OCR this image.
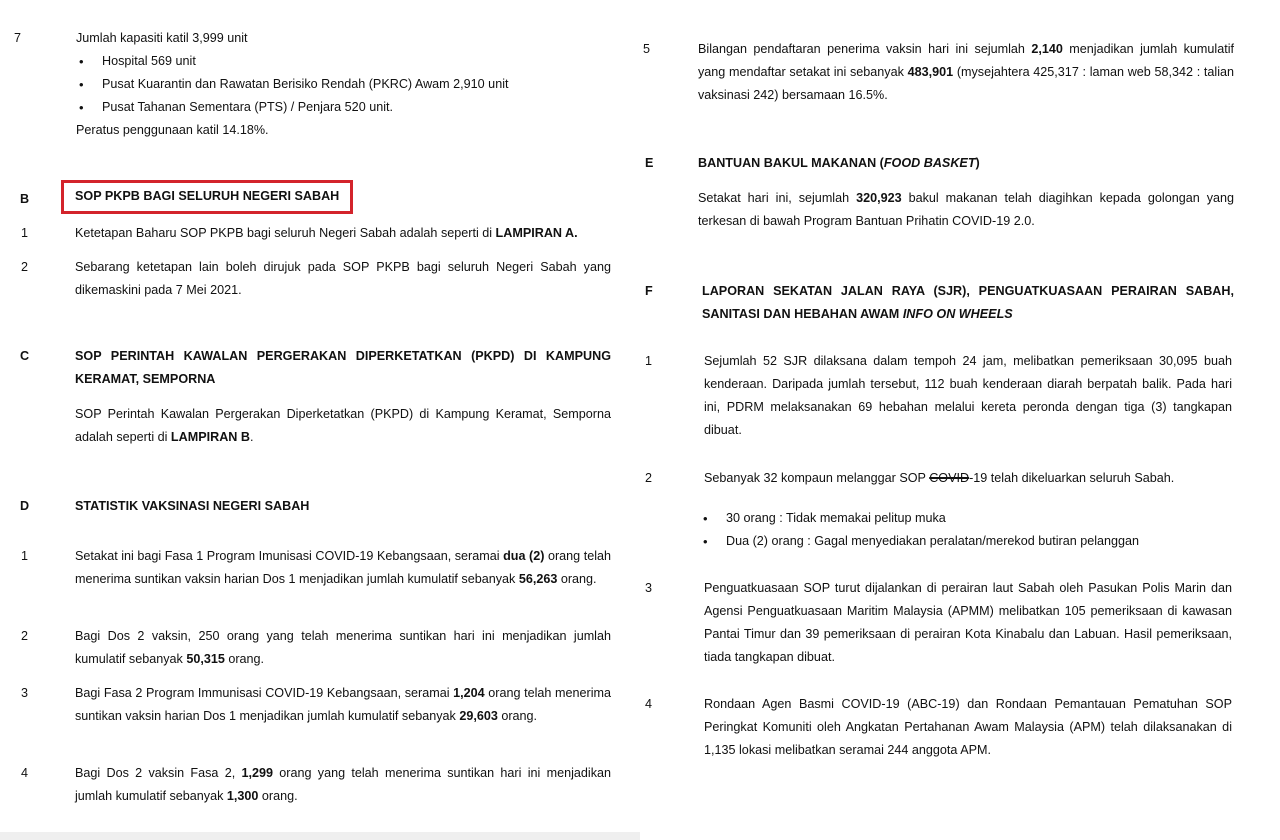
7	Jumlah kapasiti katil 3,999 unit
• Hospital 569 unit
• Pusat Kuarantin dan Rawatan Berisiko Rendah (PKRC) Awam 2,910 unit
• Pusat Tahanan Sementara (PTS) / Penjara 520 unit.
Peratus penggunaan katil 14.18%.
B	SOP PKPB BAGI SELURUH NEGERI SABAH
1	Ketetapan Baharu SOP PKPB bagi seluruh Negeri Sabah adalah seperti di LAMPIRAN A.
2	Sebarang ketetapan lain boleh dirujuk pada SOP PKPB bagi seluruh Negeri Sabah yang dikemaskini pada 7 Mei 2021.
C	SOP PERINTAH KAWALAN PERGERAKAN DIPERKETATKAN (PKPD) DI KAMPUNG KERAMAT, SEMPORNA
SOP Perintah Kawalan Pergerakan Diperketatkan (PKPD) di Kampung Keramat, Semporna adalah seperti di LAMPIRAN B.
D	STATISTIK VAKSINASI NEGERI SABAH
1	Setakat ini bagi Fasa 1 Program Imunisasi COVID-19 Kebangsaan, seramai dua (2) orang telah menerima suntikan vaksin harian Dos 1 menjadikan jumlah kumulatif sebanyak 56,263 orang.
2	Bagi Dos 2 vaksin, 250 orang yang telah menerima suntikan hari ini menjadikan jumlah kumulatif sebanyak 50,315 orang.
3	Bagi Fasa 2 Program Immunisasi COVID-19 Kebangsaan, seramai 1,204 orang telah menerima suntikan vaksin harian Dos 1 menjadikan jumlah kumulatif sebanyak 29,603 orang.
4	Bagi Dos 2 vaksin Fasa 2, 1,299 orang yang telah menerima suntikan hari ini menjadikan jumlah kumulatif sebanyak 1,300 orang.
5	Bilangan pendaftaran penerima vaksin hari ini sejumlah 2,140 menjadikan jumlah kumulatif yang mendaftar setakat ini sebanyak 483,901 (mysejahtera 425,317 : laman web 58,342 : talian vaksinasi 242) bersamaan 16.5%.
E	BANTUAN BAKUL MAKANAN (FOOD BASKET)
Setakat hari ini, sejumlah 320,923 bakul makanan telah diagihkan kepada golongan yang terkesan di bawah Program Bantuan Prihatin COVID-19 2.0.
F	LAPORAN SEKATAN JALAN RAYA (SJR), PENGUATKUASAAN PERAIRAN SABAH, SANITASI DAN HEBAHAN AWAM INFO ON WHEELS
1	Sejumlah 52 SJR dilaksana dalam tempoh 24 jam, melibatkan pemeriksaan 30,095 buah kenderaan. Daripada jumlah tersebut, 112 buah kenderaan diarah berpatah balik. Pada hari ini, PDRM melaksanakan 69 hebahan melalui kereta peronda dengan tiga (3) tangkapan dibuat.
2	Sebanyak 32 kompaun melanggar SOP COVID-19 telah dikeluarkan seluruh Sabah.
• 30 orang : Tidak memakai pelitup muka
• Dua (2) orang : Gagal menyediakan peralatan/merekod butiran pelanggan
3	Penguatkuasaan SOP turut dijalankan di perairan laut Sabah oleh Pasukan Polis Marin dan Agensi Penguatkuasaan Maritim Malaysia (APMM) melibatkan 105 pemeriksaan di kawasan Pantai Timur dan 39 pemeriksaan di perairan Kota Kinabalu dan Labuan. Hasil pemeriksaan, tiada tangkapan dibuat.
4	Rondaan Agen Basmi COVID-19 (ABC-19) dan Rondaan Pemantauan Pematuhan SOP Peringkat Komuniti oleh Angkatan Pertahanan Awam Malaysia (APM) telah dilaksanakan di 1,135 lokasi melibatkan seramai 244 anggota APM.
